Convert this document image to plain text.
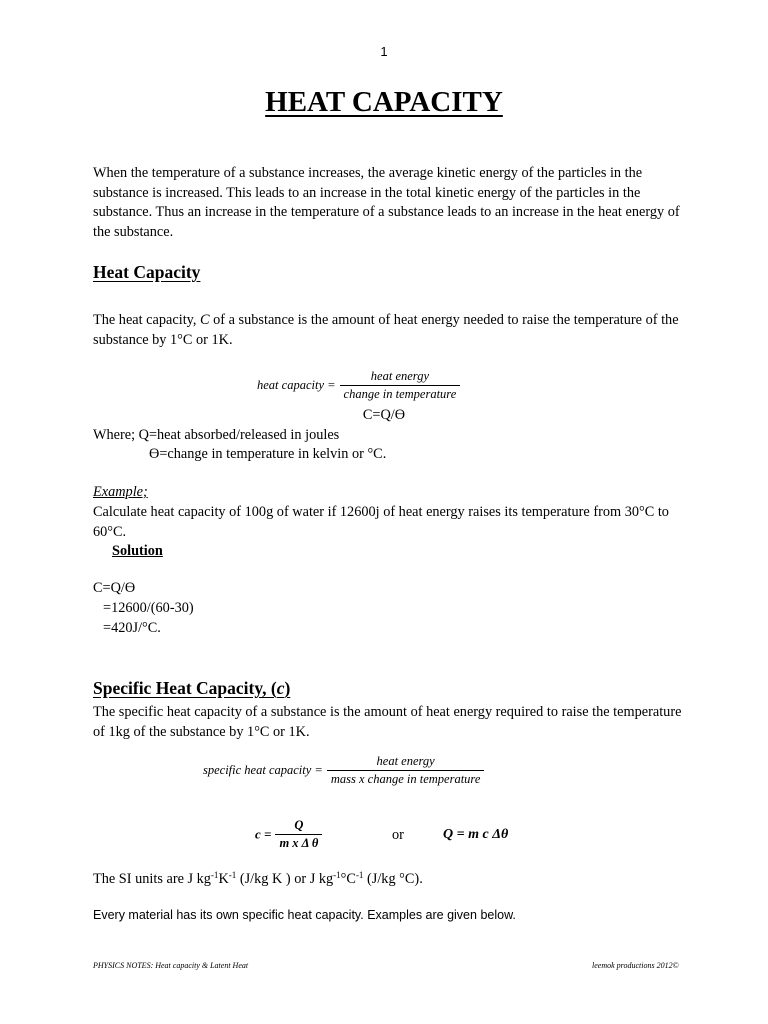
1
HEAT CAPACITY

When the temperature of a substance increases, the average kinetic energy of the particles in the substance is increased. This leads to an increase in the total kinetic energy of the particles in the substance. Thus an increase in the temperature of a substance leads to an increase in the heat energy of the substance.

Heat Capacity

The heat capacity, C of a substance is the amount of heat energy needed to raise the temperature of the substance by 1°C or 1K.

heat capacity = $\frac{\text{heat energy}}{\text{change in temperature}}$
C=Q/Ɵ
Where; Q=heat absorbed/released in joules
Ɵ=change in temperature in kelvin or °C.
Example;

Calculate heat capacity of 100g of water if 12600j of heat energy raises its temperature from 30°C to 60°C.

Solution
C=Q/Ɵ
=12600/(60-30)
=420J/°C.
Specific Heat Capacity, (c)

The specific heat capacity of a substance is the amount of heat energy required to raise the temperature of 1kg of the substance by 1°C or 1K.

specific heat capacity = $\frac{\text{heat energy}}{\text{mass x change in temperature}}$
$c = \frac{Q}{\text{m x Δ θ}}$	or	Q = m c Δθ
The SI units are J $kg^{-1}K^{-1}$ (J/kg K ) or J $kg^{-1}^\circ C^{-1}$ (J/kg °C).
Every material has its own specific heat capacity. Examples are given below.
PHYSICS NOTES: Heat capacity & Latent Heat	leemok productions 2012©
